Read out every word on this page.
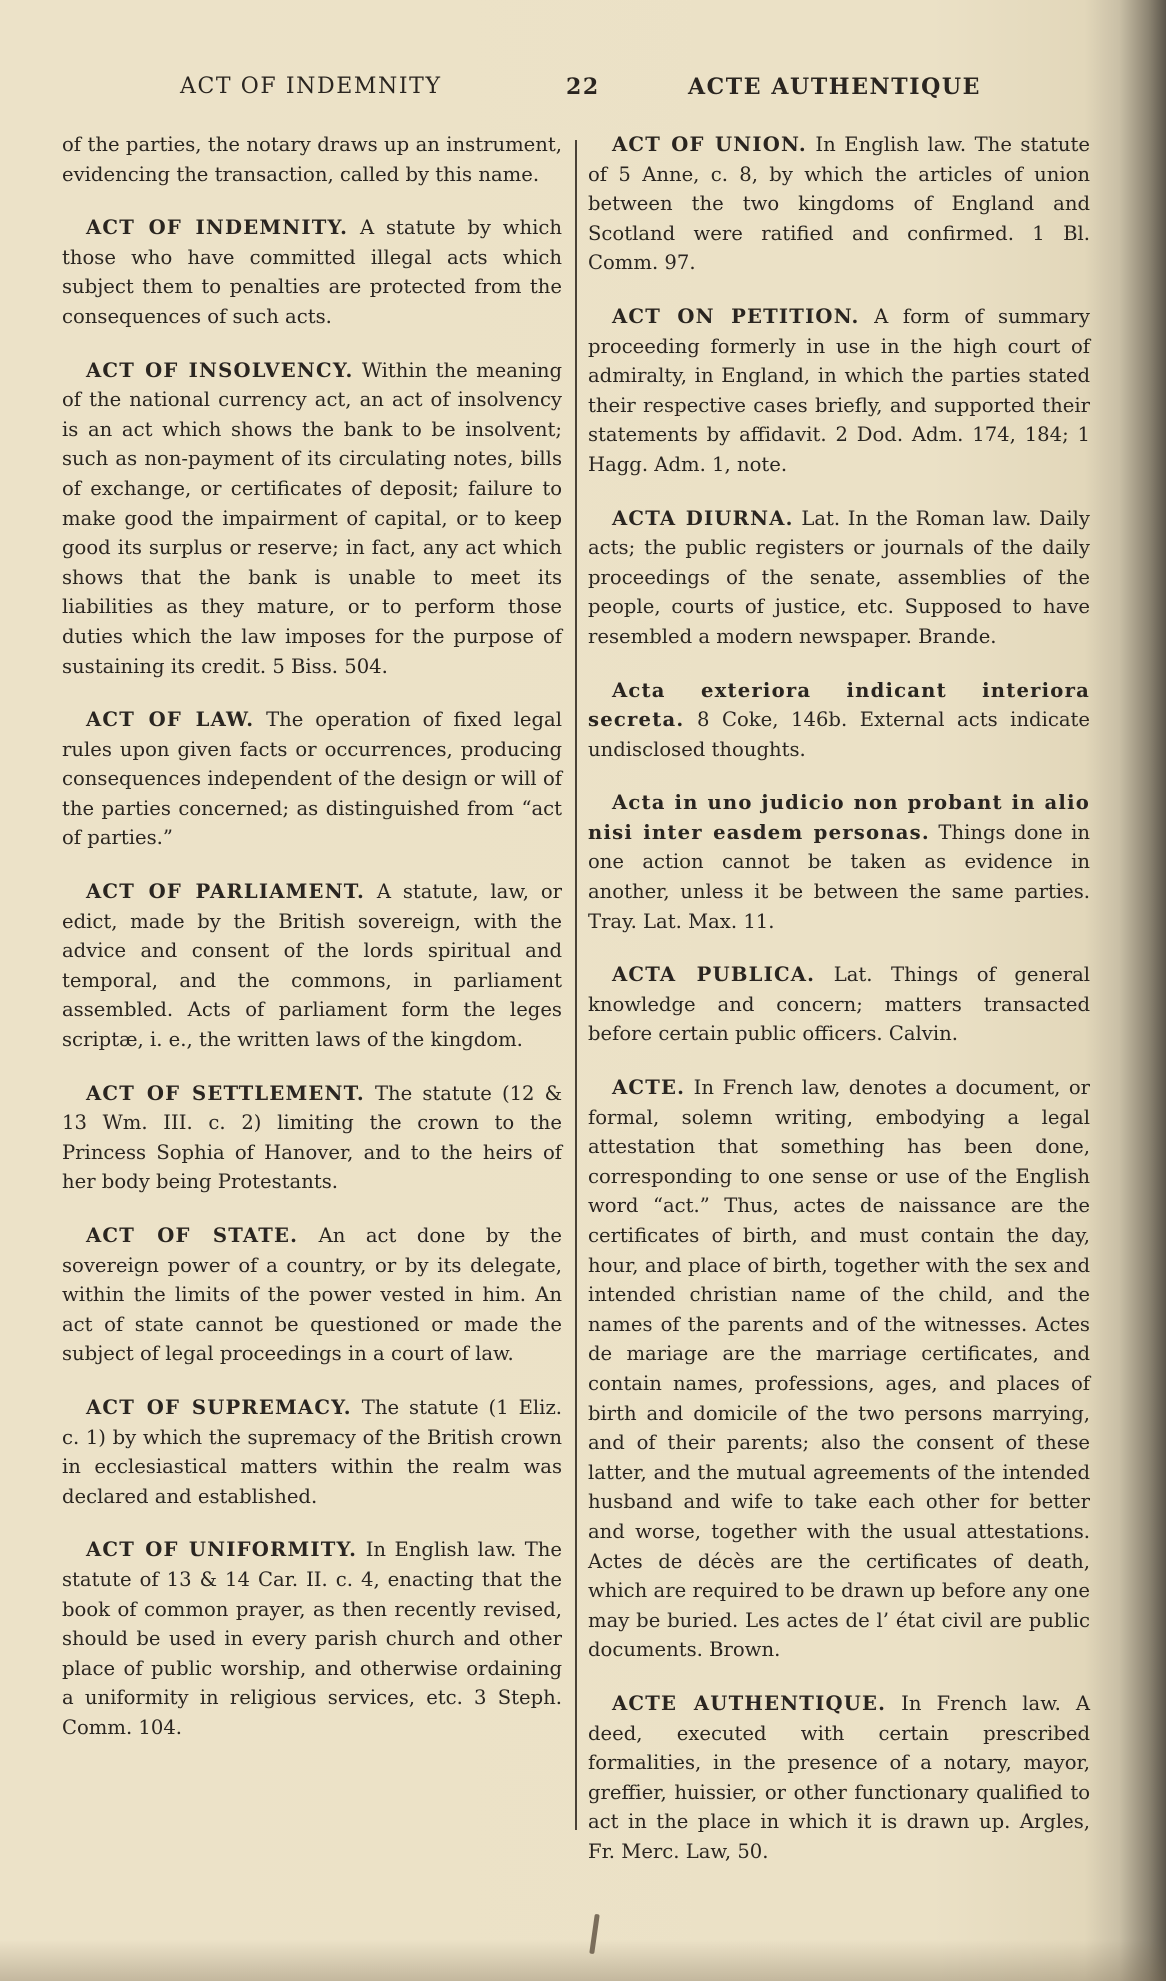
ACT OF INDEMNITY	22	ACTE AUTHENTIQUE

of the parties, the notary draws up an instrument, evidencing the transaction, called by this name.

ACT OF INDEMNITY. A statute by which those who have committed illegal acts which subject them to penalties are protected from the consequences of such acts.

ACT OF INSOLVENCY. Within the meaning of the national currency act, an act of insolvency is an act which shows the bank to be insolvent; such as non-payment of its circulating notes, bills of exchange, or certificates of deposit; failure to make good the impairment of capital, or to keep good its surplus or reserve; in fact, any act which shows that the bank is unable to meet its liabilities as they mature, or to perform those duties which the law imposes for the purpose of sustaining its credit. 5 Biss. 504.

ACT OF LAW. The operation of fixed legal rules upon given facts or occurrences, producing consequences independent of the design or will of the parties concerned; as distinguished from “act of parties.”

ACT OF PARLIAMENT. A statute, law, or edict, made by the British sovereign, with the advice and consent of the lords spiritual and temporal, and the commons, in parliament assembled. Acts of parliament form the leges scriptæ, i. e., the written laws of the kingdom.

ACT OF SETTLEMENT. The statute (12 & 13 Wm. III. c. 2) limiting the crown to the Princess Sophia of Hanover, and to the heirs of her body being Protestants.

ACT OF STATE. An act done by the sovereign power of a country, or by its delegate, within the limits of the power vested in him. An act of state cannot be questioned or made the subject of legal proceedings in a court of law.

ACT OF SUPREMACY. The statute (1 Eliz. c. 1) by which the supremacy of the British crown in ecclesiastical matters within the realm was declared and established.

ACT OF UNIFORMITY. In English law. The statute of 13 & 14 Car. II. c. 4, enacting that the book of common prayer, as then recently revised, should be used in every parish church and other place of public worship, and otherwise ordaining a uniformity in religious services, etc. 3 Steph. Comm. 104.

ACT OF UNION. In English law. The statute of 5 Anne, c. 8, by which the articles of union between the two kingdoms of England and Scotland were ratified and confirmed. 1 Bl. Comm. 97.

ACT ON PETITION. A form of summary proceeding formerly in use in the high court of admiralty, in England, in which the parties stated their respective cases briefly, and supported their statements by affidavit. 2 Dod. Adm. 174, 184; 1 Hagg. Adm. 1, note.

ACTA DIURNA. Lat. In the Roman law. Daily acts; the public registers or journals of the daily proceedings of the senate, assemblies of the people, courts of justice, etc. Supposed to have resembled a modern newspaper. Brande.

Acta exteriora indicant interiora secreta. 8 Coke, 146b. External acts indicate undisclosed thoughts.

Acta in uno judicio non probant in alio nisi inter easdem personas. Things done in one action cannot be taken as evidence in another, unless it be between the same parties. Tray. Lat. Max. 11.

ACTA PUBLICA. Lat. Things of general knowledge and concern; matters transacted before certain public officers. Calvin.

ACTE. In French law, denotes a document, or formal, solemn writing, embodying a legal attestation that something has been done, corresponding to one sense or use of the English word “act.” Thus, actes de naissance are the certificates of birth, and must contain the day, hour, and place of birth, together with the sex and intended christian name of the child, and the names of the parents and of the witnesses. Actes de mariage are the marriage certificates, and contain names, professions, ages, and places of birth and domicile of the two persons marrying, and of their parents; also the consent of these latter, and the mutual agreements of the intended husband and wife to take each other for better and worse, together with the usual attestations. Actes de décès are the certificates of death, which are required to be drawn up before any one may be buried. Les actes de l’ état civil are public documents. Brown.

ACTE AUTHENTIQUE. In French law. A deed, executed with certain prescribed formalities, in the presence of a notary, mayor, greffier, huissier, or other functionary qualified to act in the place in which it is drawn up. Argles, Fr. Merc. Law, 50.
